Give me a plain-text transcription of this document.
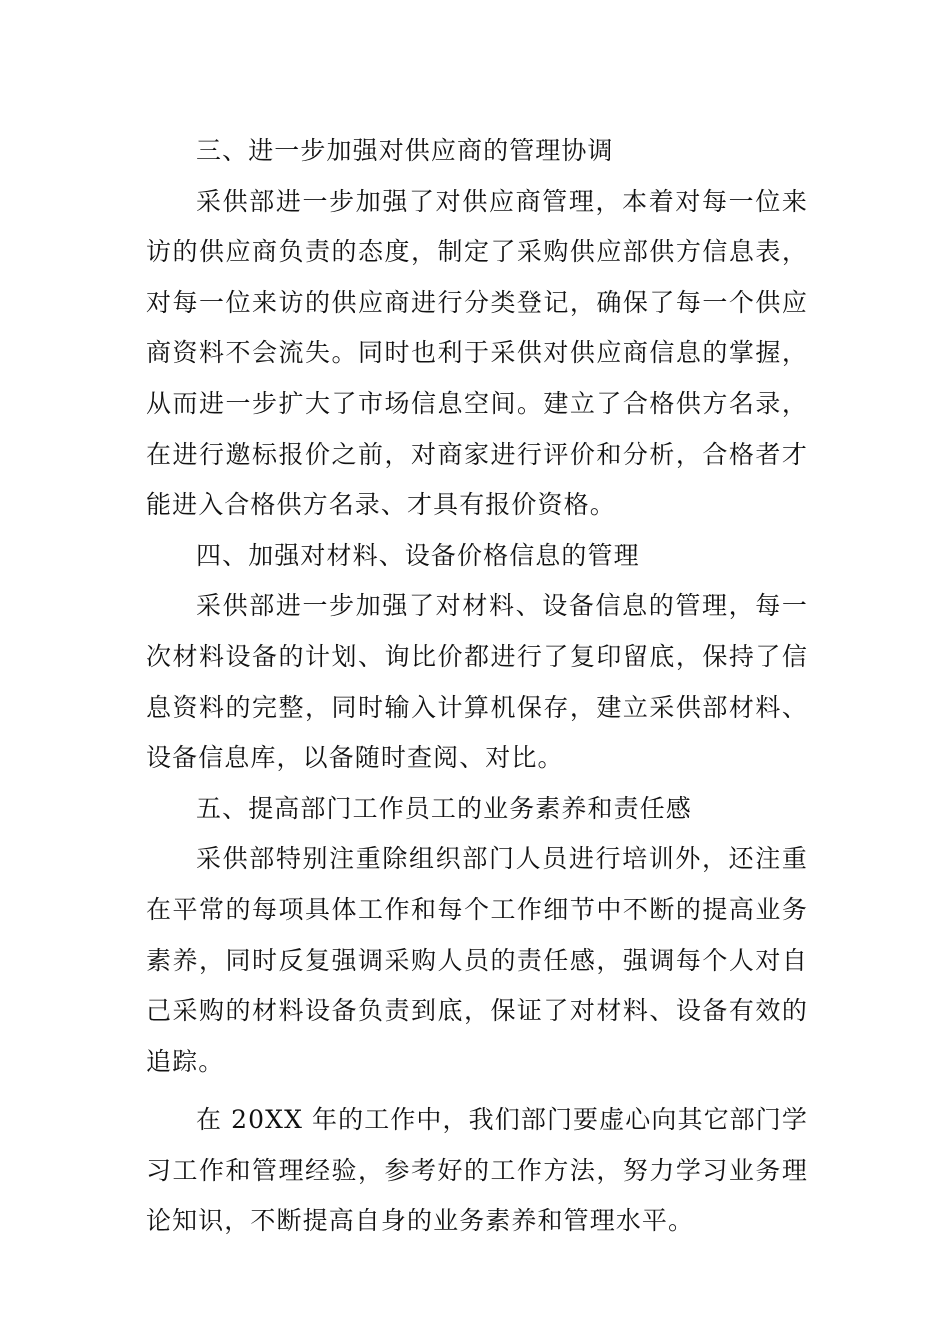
三、进一步加强对供应商的管理协调

采供部进一步加强了对供应商管理，本着对每一位来访的供应商负责的态度，制定了采购供应部供方信息表，对每一位来访的供应商进行分类登记，确保了每一个供应商资料不会流失。同时也利于采供对供应商信息的掌握，从而进一步扩大了市场信息空间。建立了合格供方名录，在进行邀标报价之前，对商家进行评价和分析，合格者才能进入合格供方名录、才具有报价资格。

四、加强对材料、设备价格信息的管理

采供部进一步加强了对材料、设备信息的管理，每一次材料设备的计划、询比价都进行了复印留底，保持了信息资料的完整，同时输入计算机保存，建立采供部材料、设备信息库，以备随时查阅、对比。

五、提高部门工作员工的业务素养和责任感

采供部特别注重除组织部门人员进行培训外，还注重在平常的每项具体工作和每个工作细节中不断的提高业务素养，同时反复强调采购人员的责任感，强调每个人对自己采购的材料设备负责到底，保证了对材料、设备有效的追踪。

在 20XX 年的工作中，我们部门要虚心向其它部门学习工作和管理经验，参考好的工作方法，努力学习业务理论知识，不断提高自身的业务素养和管理水平。
